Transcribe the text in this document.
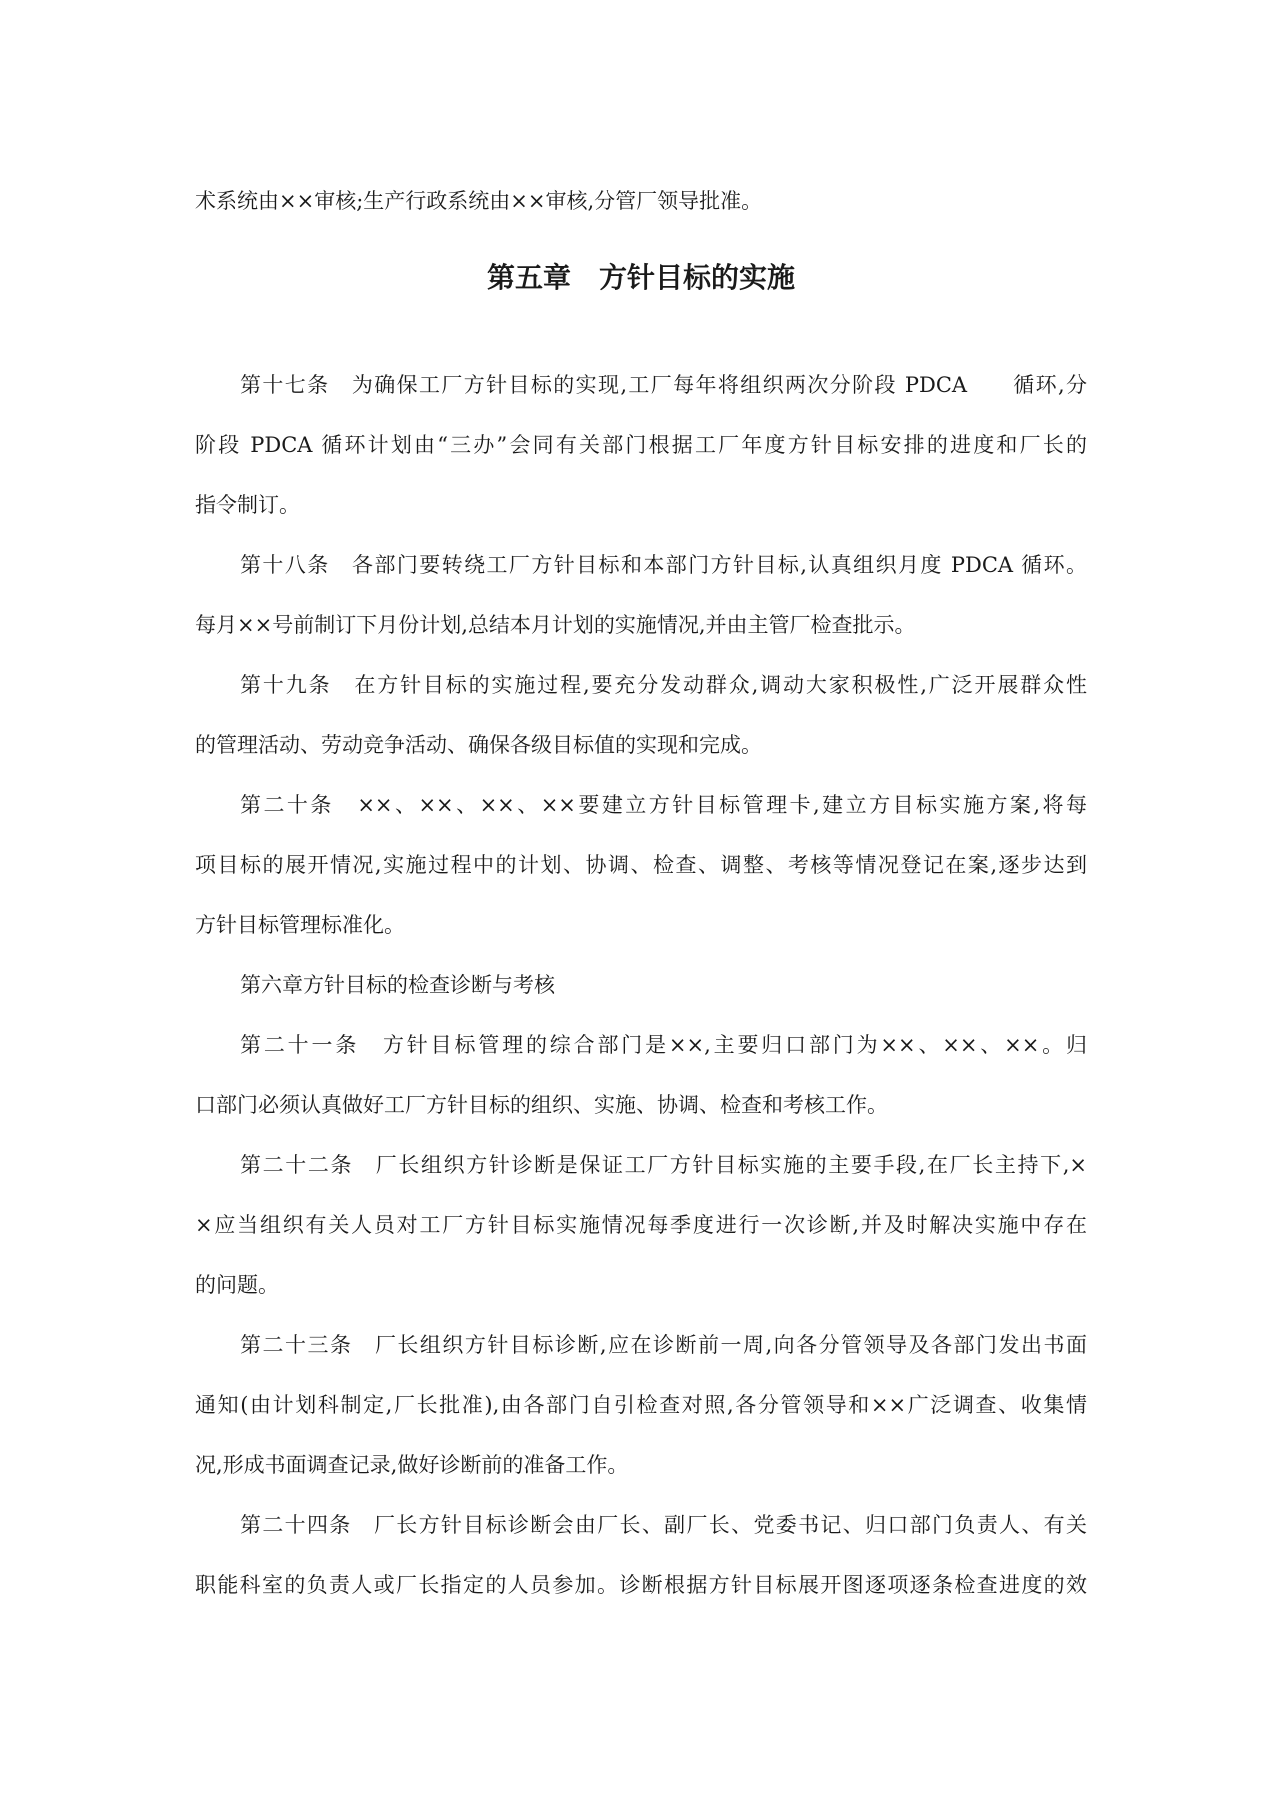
术系统由××审核;生产行政系统由××审核,分管厂领导批准。
第五章　方针目标的实施
第十七条　为确保工厂方针目标的实现,工厂每年将组织两次分阶段 PDCA　　循环,分
阶段 PDCA 循环计划由“三办”会同有关部门根据工厂年度方针目标安排的进度和厂长的
指令制订。
第十八条　各部门要转绕工厂方针目标和本部门方针目标,认真组织月度 PDCA 循环。
每月××号前制订下月份计划,总结本月计划的实施情况,并由主管厂检查批示。
第十九条　在方针目标的实施过程,要充分发动群众,调动大家积极性,广泛开展群众性
的管理活动、劳动竞争活动、确保各级目标值的实现和完成。
第二十条　××、××、××、××要建立方针目标管理卡,建立方目标实施方案,将每
项目标的展开情况,实施过程中的计划、协调、检查、调整、考核等情况登记在案,逐步达到
方针目标管理标准化。
第六章方针目标的检查诊断与考核
第二十一条　方针目标管理的综合部门是××,主要归口部门为××、××、××。归
口部门必须认真做好工厂方针目标的组织、实施、协调、检查和考核工作。
第二十二条　厂长组织方针诊断是保证工厂方针目标实施的主要手段,在厂长主持下,×
×应当组织有关人员对工厂方针目标实施情况每季度进行一次诊断,并及时解决实施中存在
的问题。
第二十三条　厂长组织方针目标诊断,应在诊断前一周,向各分管领导及各部门发出书面
通知(由计划科制定,厂长批准),由各部门自引检查对照,各分管领导和××广泛调查、收集情
况,形成书面调查记录,做好诊断前的准备工作。
第二十四条　厂长方针目标诊断会由厂长、副厂长、党委书记、归口部门负责人、有关
职能科室的负责人或厂长指定的人员参加。诊断根据方针目标展开图逐项逐条检查进度的效
